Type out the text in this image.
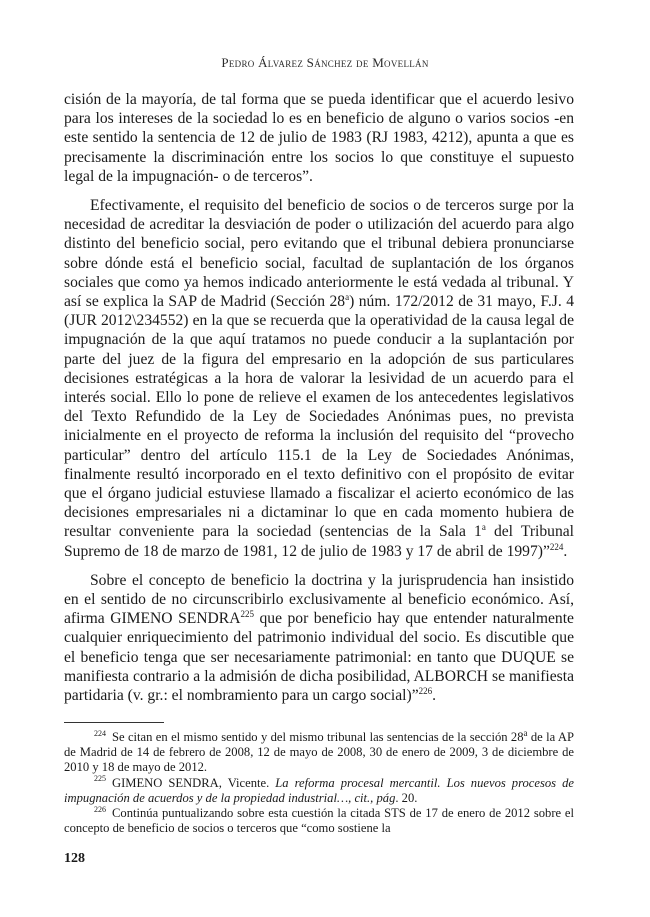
Pedro Álvarez Sánchez de Movellán

cisión de la mayoría, de tal forma que se pueda identificar que el acuerdo lesivo para los intereses de la sociedad lo es en beneficio de alguno o varios socios -en este sentido la sentencia de 12 de julio de 1983 (RJ 1983, 4212), apunta a que es precisamente la discriminación entre los socios lo que constituye el supuesto legal de la impugnación- o de terceros”.

Efectivamente, el requisito del beneficio de socios o de terceros surge por la necesidad de acreditar la desviación de poder o utilización del acuerdo para algo distinto del beneficio social, pero evitando que el tribunal debiera pronunciarse sobre dónde está el beneficio social, facultad de suplantación de los órganos sociales que como ya hemos indicado anteriormente le está vedada al tribunal. Y así se explica la SAP de Madrid (Sección 28$^a$) núm. 172/2012 de 31 mayo, F.J. 4 (JUR 2012\234552) en la que se recuerda que la operatividad de la causa legal de impugnación de la que aquí tratamos no puede conducir a la suplantación por parte del juez de la figura del empresario en la adopción de sus particulares decisiones estratégicas a la hora de valorar la lesividad de un acuerdo para el interés social. Ello lo pone de relieve el examen de los antecedentes legislativos del Texto Refundido de la Ley de Sociedades Anónimas pues, no prevista inicialmente en el proyecto de reforma la inclusión del requisito del “provecho particular” dentro del artículo 115.1 de la Ley de Sociedades Anónimas, finalmente resultó incorporado en el texto definitivo con el propósito de evitar que el órgano judicial estuviese llamado a fiscalizar el acierto económico de las decisiones empresariales ni a dictaminar lo que en cada momento hubiera de resultar conveniente para la sociedad (sentencias de la Sala 1$^a$ del Tribunal Supremo de 18 de marzo de 1981, 12 de julio de 1983 y 17 de abril de 1997)”$^{224}$.

Sobre el concepto de beneficio la doctrina y la jurisprudencia han insistido en el sentido de no circunscribirlo exclusivamente al beneficio económico. Así, afirma GIMENO SENDRA$^{225}$ que por beneficio hay que entender naturalmente cualquier enriquecimiento del patrimonio individual del socio. Es discutible que el beneficio tenga que ser necesariamente patrimonial: en tanto que DUQUE se manifiesta contrario a la admisión de dicha posibilidad, ALBORCH se manifiesta partidaria (v. gr.: el nombramiento para un cargo social)”$^{226}$.

$^{224}$ Se citan en el mismo sentido y del mismo tribunal las sentencias de la sección 28$^a$ de la AP de Madrid de 14 de febrero de 2008, 12 de mayo de 2008, 30 de enero de 2009, 3 de diciembre de 2010 y 18 de mayo de 2012.

$^{225}$ GIMENO SENDRA, Vicente. La reforma procesal mercantil. Los nuevos procesos de impugnación de acuerdos y de la propiedad industrial…, cit., pág. 20.

$^{226}$ Continúa puntualizando sobre esta cuestión la citada STS de 17 de enero de 2012 sobre el concepto de beneficio de socios o terceros que “como sostiene la

128
